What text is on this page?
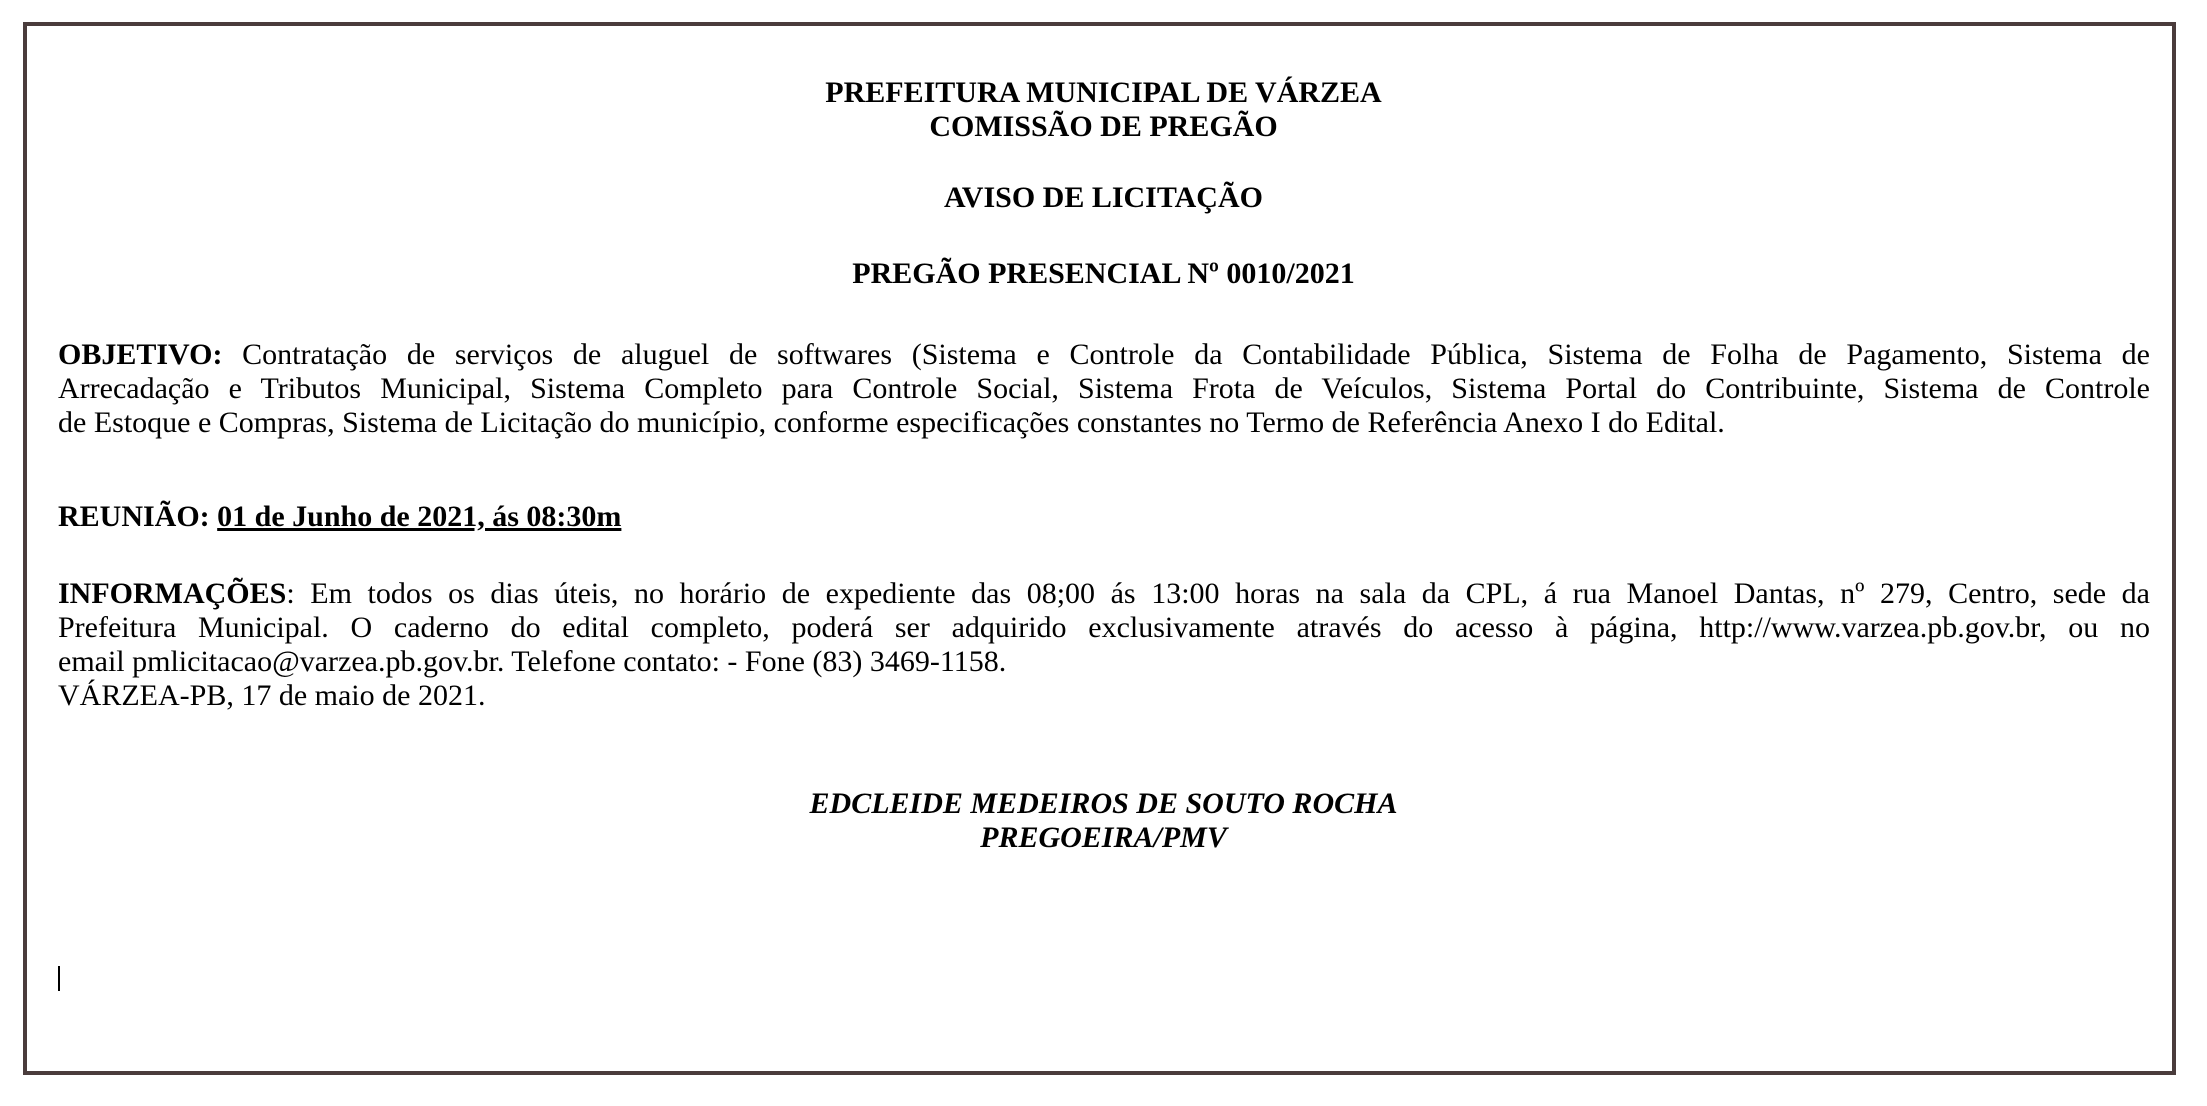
PREFEITURA MUNICIPAL DE VÁRZEA
COMISSÃO DE PREGÃO
AVISO DE LICITAÇÃO
PREGÃO PRESENCIAL Nº 0010/2021
OBJETIVO: Contratação de serviços de aluguel de softwares (Sistema e Controle da Contabilidade Pública, Sistema de Folha de Pagamento, Sistema de
Arrecadação e Tributos Municipal, Sistema Completo para Controle Social, Sistema Frota de Veículos, Sistema Portal do Contribuinte, Sistema de Controle
de Estoque e Compras, Sistema de Licitação do município, conforme especificações constantes no Termo de Referência Anexo I do Edital.
REUNIÃO: 01 de Junho de 2021, ás 08:30m
INFORMAÇÕES: Em todos os dias úteis, no horário de expediente das 08;00 ás 13:00 horas na sala da CPL, á rua Manoel Dantas, nº 279, Centro, sede da
Prefeitura Municipal. O caderno do edital completo, poderá ser adquirido exclusivamente através do acesso à página, http://www.varzea.pb.gov.br, ou no
email pmlicitacao@varzea.pb.gov.br. Telefone contato: - Fone (83) 3469-1158.
VÁRZEA-PB, 17 de maio de 2021.
EDCLEIDE MEDEIROS DE SOUTO ROCHA
PREGOEIRA/PMV
